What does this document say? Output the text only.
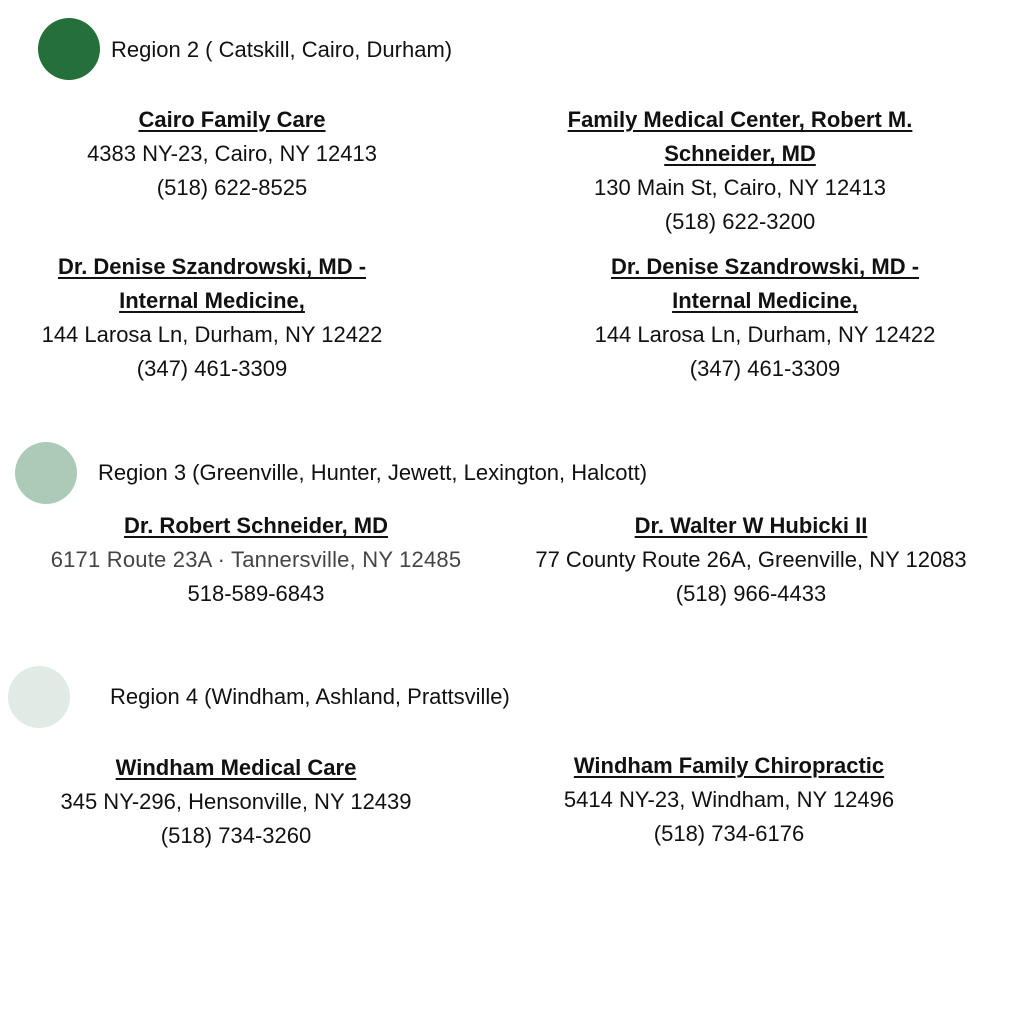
Region 2 ( Catskill, Cairo, Durham)
Cairo Family Care
4383 NY-23, Cairo, NY 12413
(518) 622-8525
Family Medical Center, Robert M.
Schneider, MD
130 Main St, Cairo, NY 12413
(518) 622-3200
Dr. Denise Szandrowski, MD -
Internal Medicine,
144 Larosa Ln, Durham, NY 12422
(347) 461-3309
Dr. Denise Szandrowski, MD -
Internal Medicine,
144 Larosa Ln, Durham, NY 12422
(347) 461-3309
Region 3 (Greenville, Hunter, Jewett, Lexington, Halcott)
Dr. Robert Schneider, MD
6171 Route 23A · Tannersville, NY 12485
518-589-6843
Dr. Walter W Hubicki II
77 County Route 26A, Greenville, NY 12083
(518) 966-4433
Region 4 (Windham, Ashland, Prattsville)
Windham Medical Care
345 NY-296, Hensonville, NY 12439
(518) 734-3260
Windham Family Chiropractic
5414 NY-23, Windham, NY 12496
(518) 734-6176
